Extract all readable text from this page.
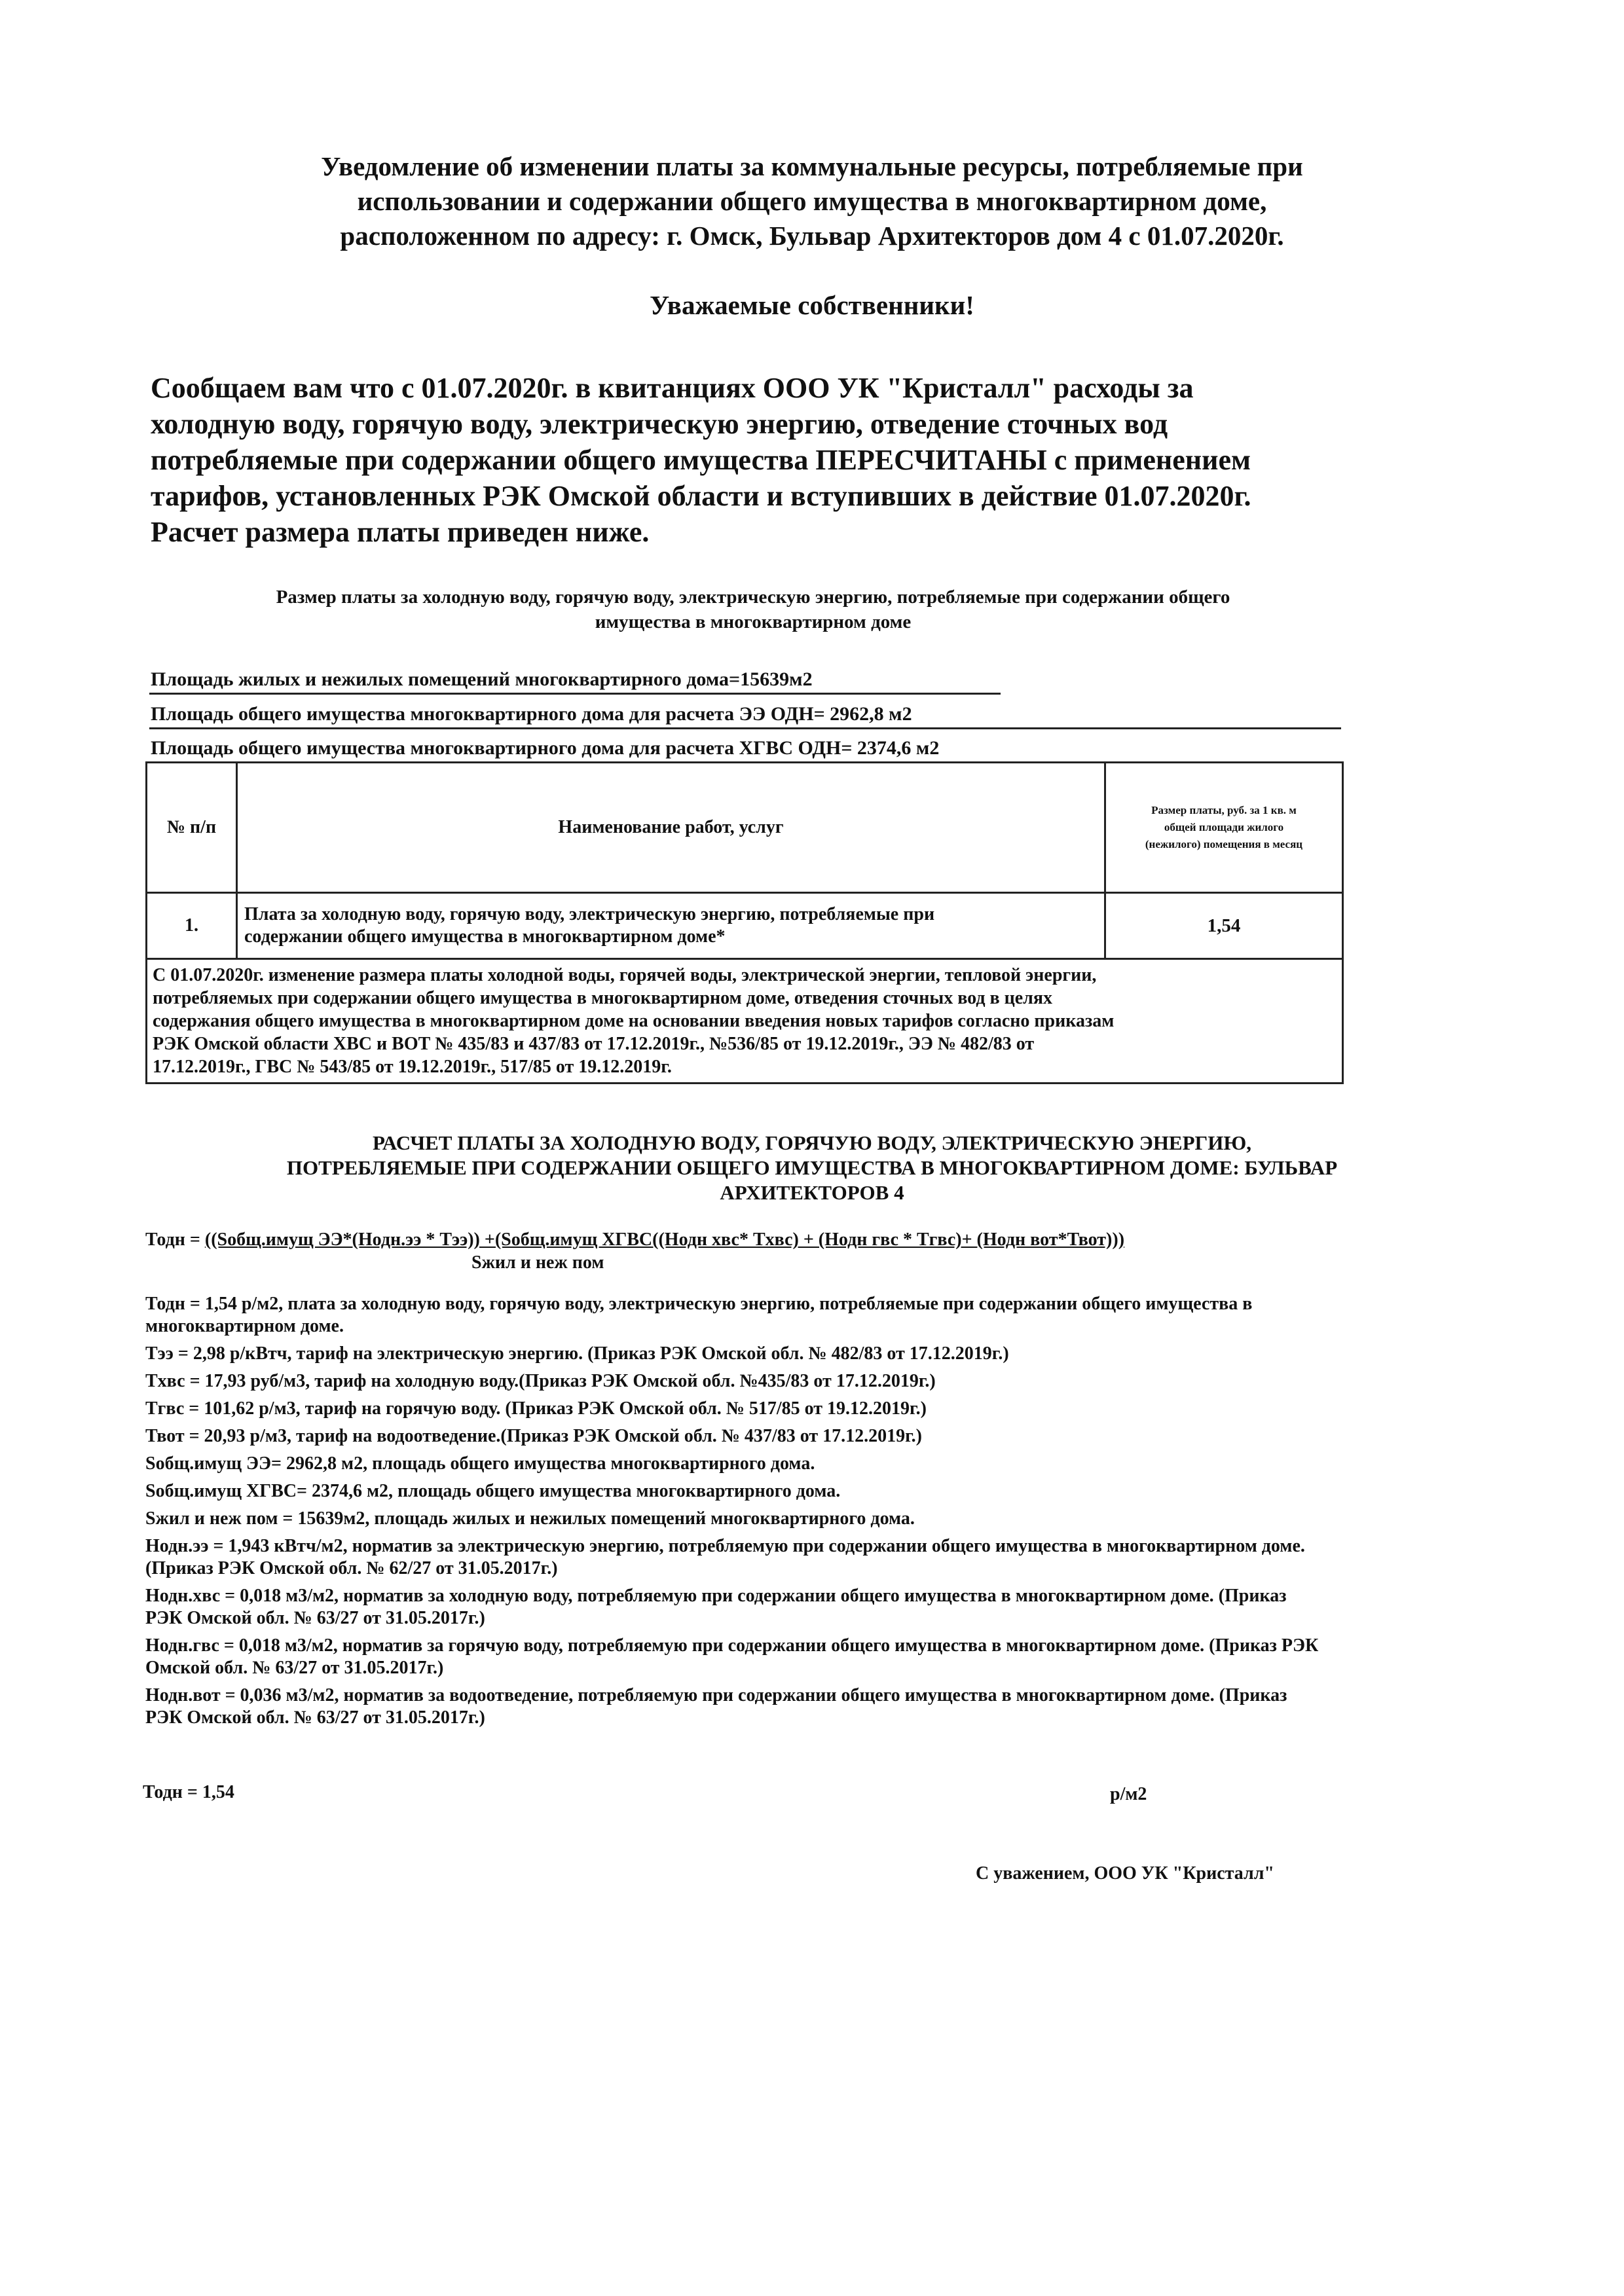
Уведомление об изменении платы за коммунальные ресурсы, потребляемые при

использовании и содержании общего имущества в многоквартирном доме,

расположенном по адресу: г. Омск, Бульвар Архитекторов дом 4 с 01.07.2020г.

Уважаемые собственники!

Сообщаем вам что с 01.07.2020г. в квитанциях ООО УК "Кристалл" расходы за

холодную воду, горячую воду, электрическую энергию, отведение сточных вод

потребляемые при содержании общего имущества ПЕРЕСЧИТАНЫ с применением

тарифов, установленных РЭК Омской области и вступивших в действие 01.07.2020г.

Расчет размера платы приведен ниже.

Размер платы за холодную воду, горячую воду, электрическую энергию, потребляемые при содержании общего

имущества в многоквартирном доме

Площадь жилых и нежилых помещений многоквартирного дома=15639м2
Площадь общего имущества многоквартирного дома для расчета ЭЭ ОДН= 2962,8 м2
Площадь общего имущества многоквартирного дома для расчета ХГВС ОДН= 2374,6 м2
№ п/п	Наименование работ, услуг	Размер платы, руб. за 1 кв. м
общей площади жилого
(нежилого) помещения в месяц

1.	Плата за холодную воду, горячую воду, электрическую энергию, потребляемые при
содержании общего имущества в многоквартирном доме*	1,54

С 01.07.2020г. изменение размера платы холодной воды, горячей воды, электрической энергии, тепловой энергии,
потребляемых при содержании общего имущества в многоквартирном доме, отведения сточных вод в целях
содержания общего имущества в многоквартирном доме на основании введения новых тарифов согласно приказам
РЭК Омской области ХВС и ВОТ № 435/83 и 437/83 от 17.12.2019г., №536/85 от 19.12.2019г., ЭЭ № 482/83 от
17.12.2019г., ГВС № 543/85 от 19.12.2019г., 517/85 от 19.12.2019г.		

РАСЧЕТ ПЛАТЫ ЗА ХОЛОДНУЮ ВОДУ, ГОРЯЧУЮ ВОДУ, ЭЛЕКТРИЧЕСКУЮ ЭНЕРГИЮ,

ПОТРЕБЛЯЕМЫЕ ПРИ СОДЕРЖАНИИ ОБЩЕГО ИМУЩЕСТВА В МНОГОКВАРТИРНОМ ДОМЕ: БУЛЬВАР

АРХИТЕКТОРОВ 4

Тодн = ((Sобщ.имущ ЭЭ*(Нодн.ээ * Тээ)) +(Sобщ.имущ ХГВС((Нодн хвс* Тxвс) + (Нодн гвс * Тгвс)+ (Нодн вот*Твот)))
Sжил и неж пом

Тодн = 1,54 р/м2, плата за холодную воду, горячую воду, электрическую энергию, потребляемые при содержании общего имущества в многоквартирном доме.

Тээ = 2,98 р/кВтч, тариф на электрическую энергию. (Приказ РЭК Омской обл. № 482/83 от 17.12.2019г.)

Тxвс = 17,93 руб/м3, тариф на холодную воду.(Приказ РЭК Омской обл. №435/83 от 17.12.2019г.)

Тгвс = 101,62 р/м3, тариф на горячую воду. (Приказ РЭК Омской обл. № 517/85 от 19.12.2019г.)

Твот = 20,93 р/м3, тариф на водоотведение.(Приказ РЭК Омской обл. № 437/83 от 17.12.2019г.)

Sобщ.имущ ЭЭ= 2962,8 м2, площадь общего имущества многоквартирного дома.

Sобщ.имущ ХГВС= 2374,6 м2, площадь общего имущества многоквартирного дома.

Sжил и неж пом = 15639м2, площадь жилых и нежилых помещений многоквартирного дома.

Нодн.ээ = 1,943 кВтч/м2, норматив за электрическую энергию, потребляемую при содержании общего имущества в многоквартирном доме.(Приказ РЭК Омской обл. № 62/27 от 31.05.2017г.)

Нодн.хвс = 0,018 м3/м2, норматив за холодную воду, потребляемую при содержании общего имущества в многоквартирном доме. (Приказ РЭК Омской обл. № 63/27 от 31.05.2017г.)

Нодн.гвс = 0,018 м3/м2, норматив за горячую воду, потребляемую при содержании общего имущества в многоквартирном доме. (Приказ РЭК Омской обл. № 63/27 от 31.05.2017г.)

Нодн.вот = 0,036 м3/м2, норматив за водоотведение, потребляемую при содержании общего имущества в многоквартирном доме. (Приказ РЭК Омской обл. № 63/27 от 31.05.2017г.)

Тодн = 1,54	р/м2
С уважением, ООО УК "Кристалл"
